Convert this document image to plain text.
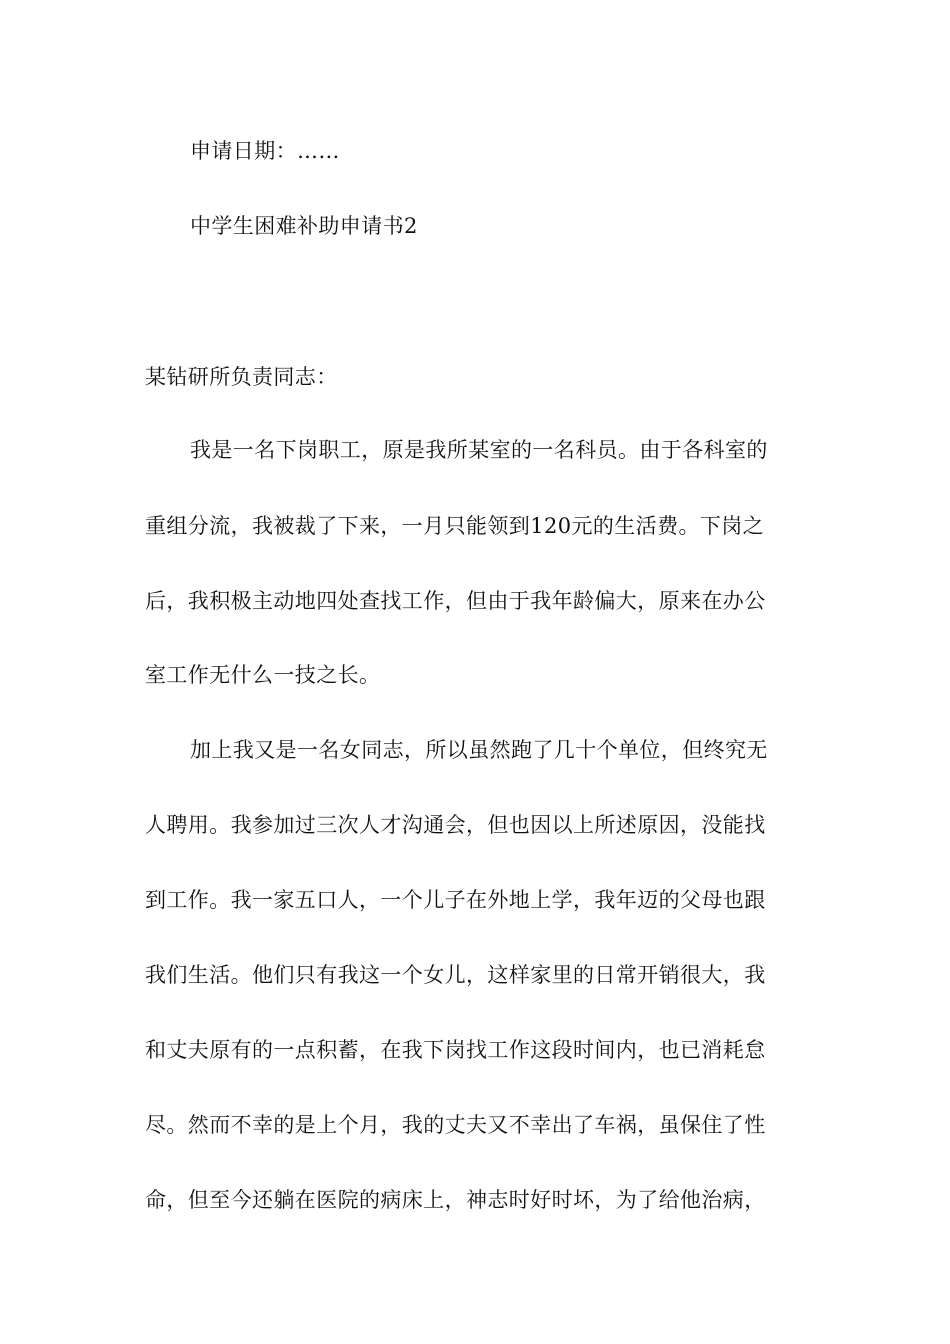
申请日期：……
中学生困难补助申请书2
某钻研所负责同志：
我是一名下岗职工，原是我所某室的一名科员。由于各科室的
重组分流，我被裁了下来，一月只能领到120元的生活费。下岗之
后，我积极主动地四处查找工作，但由于我年龄偏大，原来在办公
室工作无什么一技之长。
加上我又是一名女同志，所以虽然跑了几十个单位，但终究无
人聘用。我参加过三次人才沟通会，但也因以上所述原因，没能找
到工作。我一家五口人，一个儿子在外地上学，我年迈的父母也跟
我们生活。他们只有我这一个女儿，这样家里的日常开销很大，我
和丈夫原有的一点积蓄，在我下岗找工作这段时间内，也已消耗怠
尽。然而不幸的是上个月，我的丈夫又不幸出了车祸，虽保住了性
命，但至今还躺在医院的病床上，神志时好时坏，为了给他治病，
